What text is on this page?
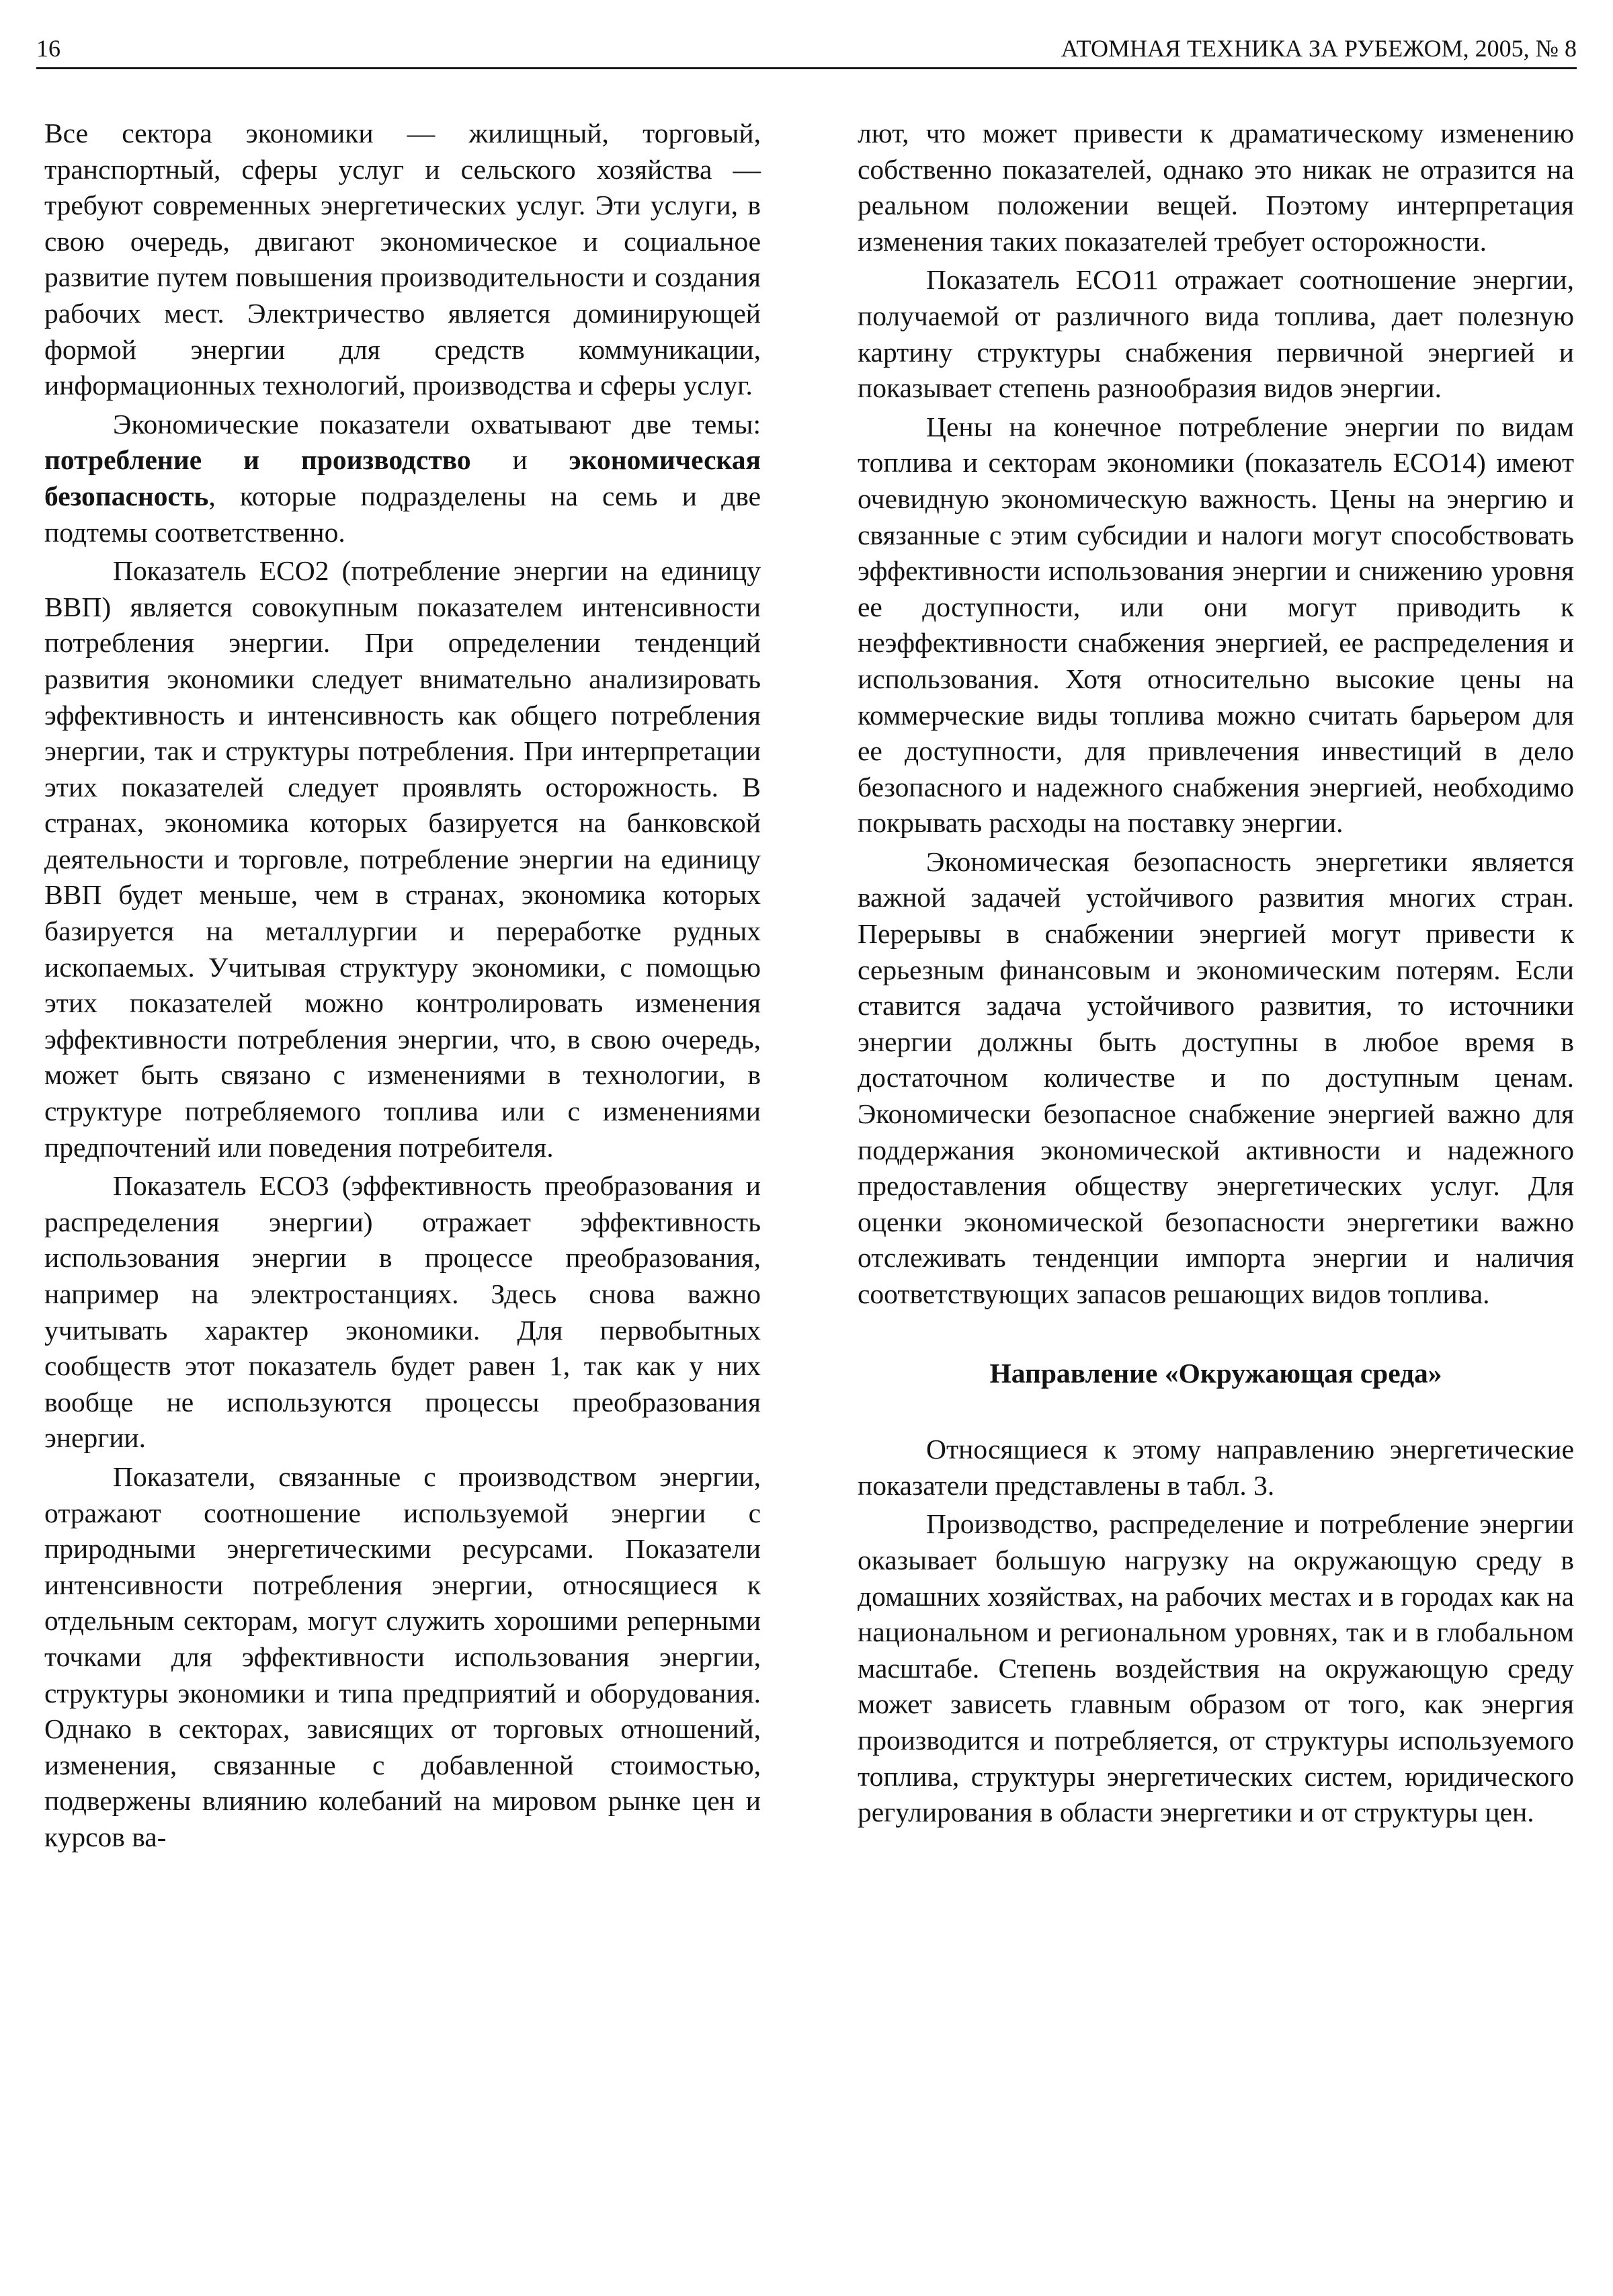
16	АТОМНАЯ ТЕХНИКА ЗА РУБЕЖОМ, 2005, № 8

Все сектора экономики — жилищный, торговый, транспортный, сферы услуг и сельского хозяйства — требуют современных энергетических услуг. Эти услуги, в свою очередь, двигают экономическое и социальное развитие путем повышения производительности и создания рабочих мест. Электричество является доминирующей формой энергии для средств коммуникации, информационных технологий, производства и сферы услуг.

Экономические показатели охватывают две темы: потребление и производство и экономическая безопасность, которые подразделены на семь и две подтемы соответственно.

Показатель ECO2 (потребление энергии на единицу ВВП) является совокупным показателем интенсивности потребления энергии. При определении тенденций развития экономики следует внимательно анализировать эффективность и интенсивность как общего потребления энергии, так и структуры потребления. При интерпретации этих показателей следует проявлять осторожность. В странах, экономика которых базируется на банковской деятельности и торговле, потребление энергии на единицу ВВП будет меньше, чем в странах, экономика которых базируется на металлургии и переработке рудных ископаемых. Учитывая структуру экономики, с помощью этих показателей можно контролировать изменения эффективности потребления энергии, что, в свою очередь, может быть связано с изменениями в технологии, в структуре потребляемого топлива или с изменениями предпочтений или поведения потребителя.

Показатель ECO3 (эффективность преобразования и распределения энергии) отражает эффективность использования энергии в процессе преобразования, например на электростанциях. Здесь снова важно учитывать характер экономики. Для первобытных сообществ этот показатель будет равен 1, так как у них вообще не используются процессы преобразования энергии.

Показатели, связанные с производством энергии, отражают соотношение используемой энергии с природными энергетическими ресурсами. Показатели интенсивности потребления энергии, относящиеся к отдельным секторам, могут служить хорошими реперными точками для эффективности использования энергии, структуры экономики и типа предприятий и оборудования. Однако в секторах, зависящих от торговых отношений, изменения, связанные с добавленной стоимостью, подвержены влиянию колебаний на мировом рынке цен и курсов ва-

лют, что может привести к драматическому изменению собственно показателей, однако это никак не отразится на реальном положении вещей. Поэтому интерпретация изменения таких показателей требует осторожности.

Показатель ECO11 отражает соотношение энергии, получаемой от различного вида топлива, дает полезную картину структуры снабжения первичной энергией и показывает степень разнообразия видов энергии.

Цены на конечное потребление энергии по видам топлива и секторам экономики (показатель ECO14) имеют очевидную экономическую важность. Цены на энергию и связанные с этим субсидии и налоги могут способствовать эффективности использования энергии и снижению уровня ее доступности, или они могут приводить к неэффективности снабжения энергией, ее распределения и использования. Хотя относительно высокие цены на коммерческие виды топлива можно считать барьером для ее доступности, для привлечения инвестиций в дело безопасного и надежного снабжения энергией, необходимо покрывать расходы на поставку энергии.

Экономическая безопасность энергетики является важной задачей устойчивого развития многих стран. Перерывы в снабжении энергией могут привести к серьезным финансовым и экономическим потерям. Если ставится задача устойчивого развития, то источники энергии должны быть доступны в любое время в достаточном количестве и по доступным ценам. Экономически безопасное снабжение энергией важно для поддержания экономической активности и надежного предоставления обществу энергетических услуг. Для оценки экономической безопасности энергетики важно отслеживать тенденции импорта энергии и наличия соответствующих запасов решающих видов топлива.

Направление «Окружающая среда»

Относящиеся к этому направлению энергетические показатели представлены в табл. 3.

Производство, распределение и потребление энергии оказывает большую нагрузку на окружающую среду в домашних хозяйствах, на рабочих местах и в городах как на национальном и региональном уровнях, так и в глобальном масштабе. Степень воздействия на окружающую среду может зависеть главным образом от того, как энергия производится и потребляется, от структуры используемого топлива, структуры энергетических систем, юридического регулирования в области энергетики и от структуры цен.
